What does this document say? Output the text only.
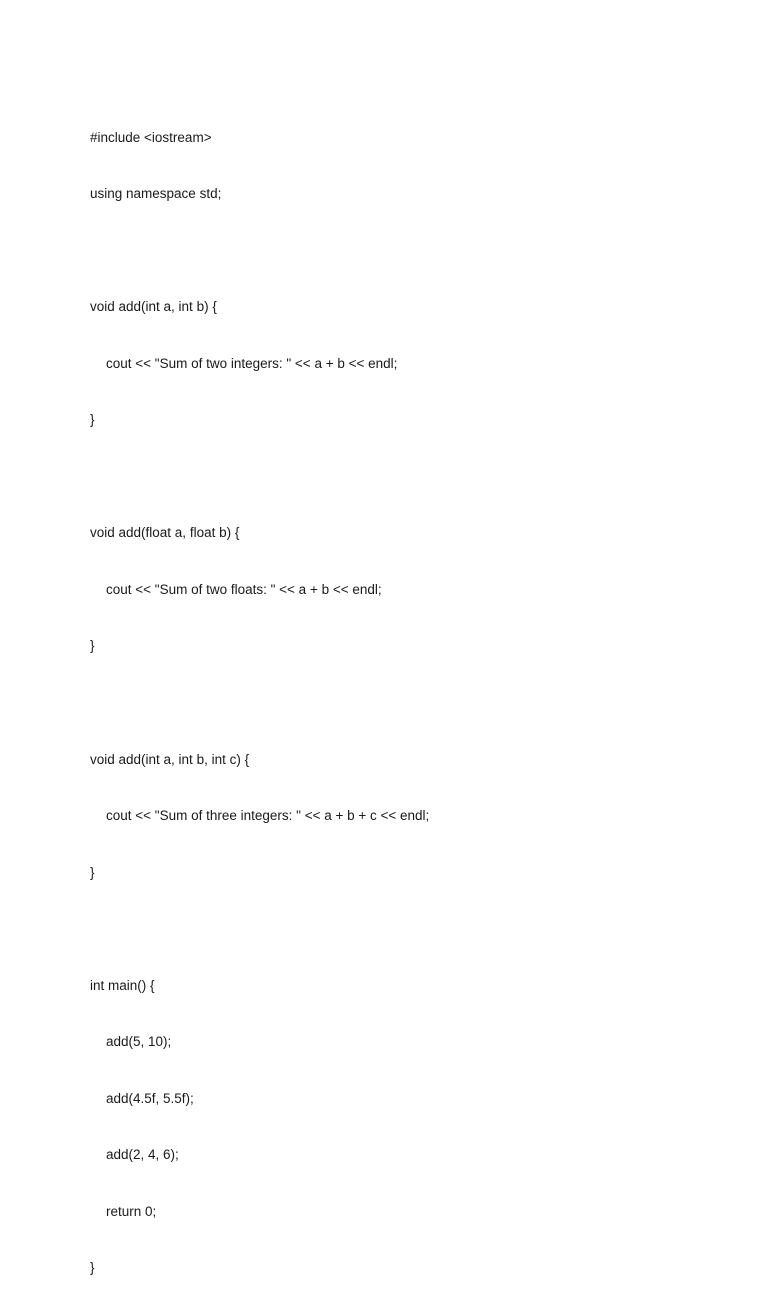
#include <iostream>

using namespace std;

void add(int a, int b) {

cout << "Sum of two integers: " << a + b << endl;

}

void add(float a, float b) {

cout << "Sum of two floats: " << a + b << endl;

}

void add(int a, int b, int c) {

cout << "Sum of three integers: " << a + b + c << endl;

}

int main() {

add(5, 10);

add(4.5f, 5.5f);

add(2, 4, 6);

return 0;

}
